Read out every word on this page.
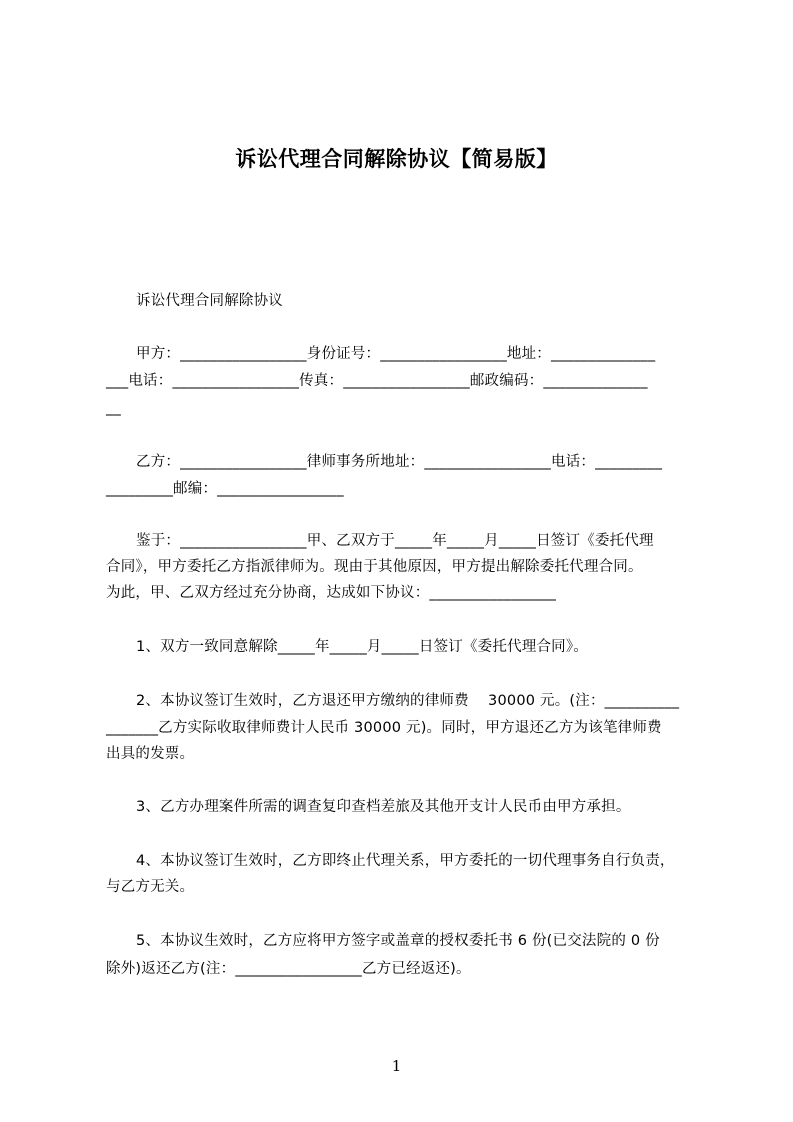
诉讼代理合同解除协议【简易版】
诉讼代理合同解除协议
甲方：_________________身份证号：_________________地址：______________
___电话：_________________传真：_________________邮政编码：______________
__
乙方：_________________律师事务所地址：_________________电话：_________
_________邮编：_________________
鉴于：_________________甲、乙双方于_____年_____月_____日签订《委托代理
合同》，甲方委托乙方指派律师为。现由于其他原因，甲方提出解除委托代理合同。
为此，甲、乙双方经过充分协商，达成如下协议：_________________
1、双方一致同意解除_____年_____月_____日签订《委托代理合同》。
2、本协议签订生效时，乙方退还甲方缴纳的律师费    30000 元。(注：__________
_______乙方实际收取律师费计人民币 30000 元)。同时，甲方退还乙方为该笔律师费
出具的发票。
3、乙方办理案件所需的调查复印查档差旅及其他开支计人民币由甲方承担。
4、本协议签订生效时，乙方即终止代理关系，甲方委托的一切代理事务自行负责，
与乙方无关。
5、本协议生效时，乙方应将甲方签字或盖章的授权委托书 6 份(已交法院的 0 份
除外)返还乙方(注：_________________乙方已经返还)。
1
